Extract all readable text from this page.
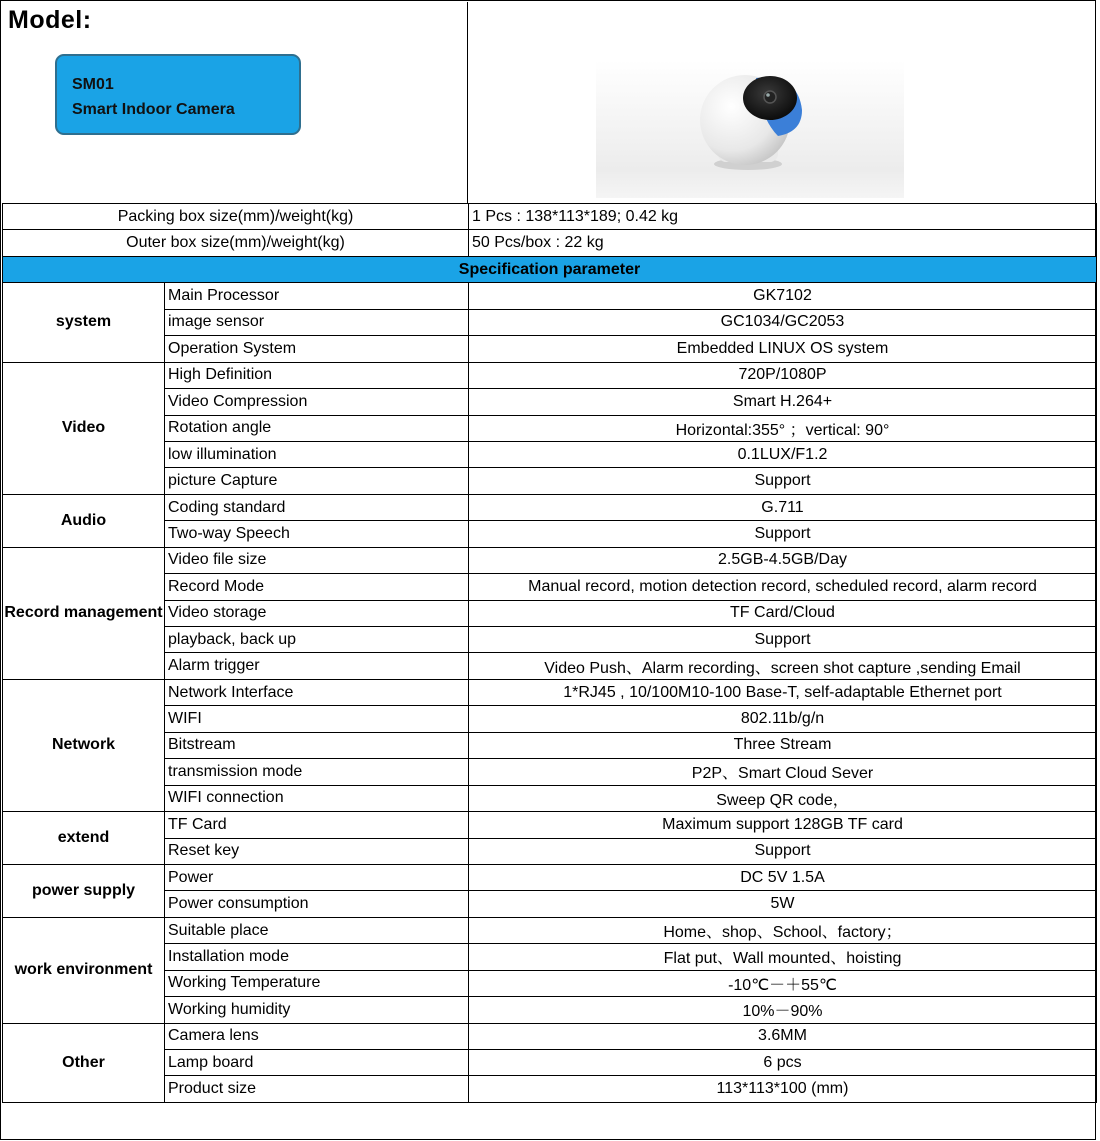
Model:
SM01
Smart Indoor Camera
Packing box size(mm)/weight(kg)		1 Pcs : 138*113*189; 0.42 kg
Outer box size(mm)/weight(kg)		50 Pcs/box : 22 kg
Specification parameter		
system	Main Processor	GK7102
	image sensor	GC1034/GC2053
	Operation System	Embedded LINUX OS system
Video	High Definition	720P/1080P
	Video Compression	Smart H.264+
	Rotation angle	Horizontal:355° ；vertical: 90°
	low illumination	0.1LUX/F1.2
	picture Capture	Support
Audio	Coding standard	G.711
	Two-way Speech	Support
Record management	Video file size	2.5GB-4.5GB/Day
	Record Mode	Manual record, motion detection record, scheduled record, alarm record
	Video storage	TF Card/Cloud
	playback, back up	Support
	Alarm trigger	Video Push、Alarm recording、screen shot capture ,sending Email
Network	Network Interface	1*RJ45 , 10/100M10-100 Base-T, self-adaptable Ethernet port
	WIFI	802.11b/g/n
	Bitstream	Three Stream
	transmission mode	P2P、Smart Cloud Sever
	WIFI connection	Sweep QR code，
extend	TF Card	Maximum support 128GB TF card
	Reset key	Support
power supply	Power	DC 5V 1.5A
	Power consumption	5W
work environment	Suitable place	Home、shop、School、factory；
	Installation mode	Flat put、Wall mounted、hoisting
	Working Temperature	-10℃－＋55℃
	Working humidity	10%－90%
Other	Camera lens	3.6MM
	Lamp board	6 pcs
	Product size	113*113*100 (mm)
